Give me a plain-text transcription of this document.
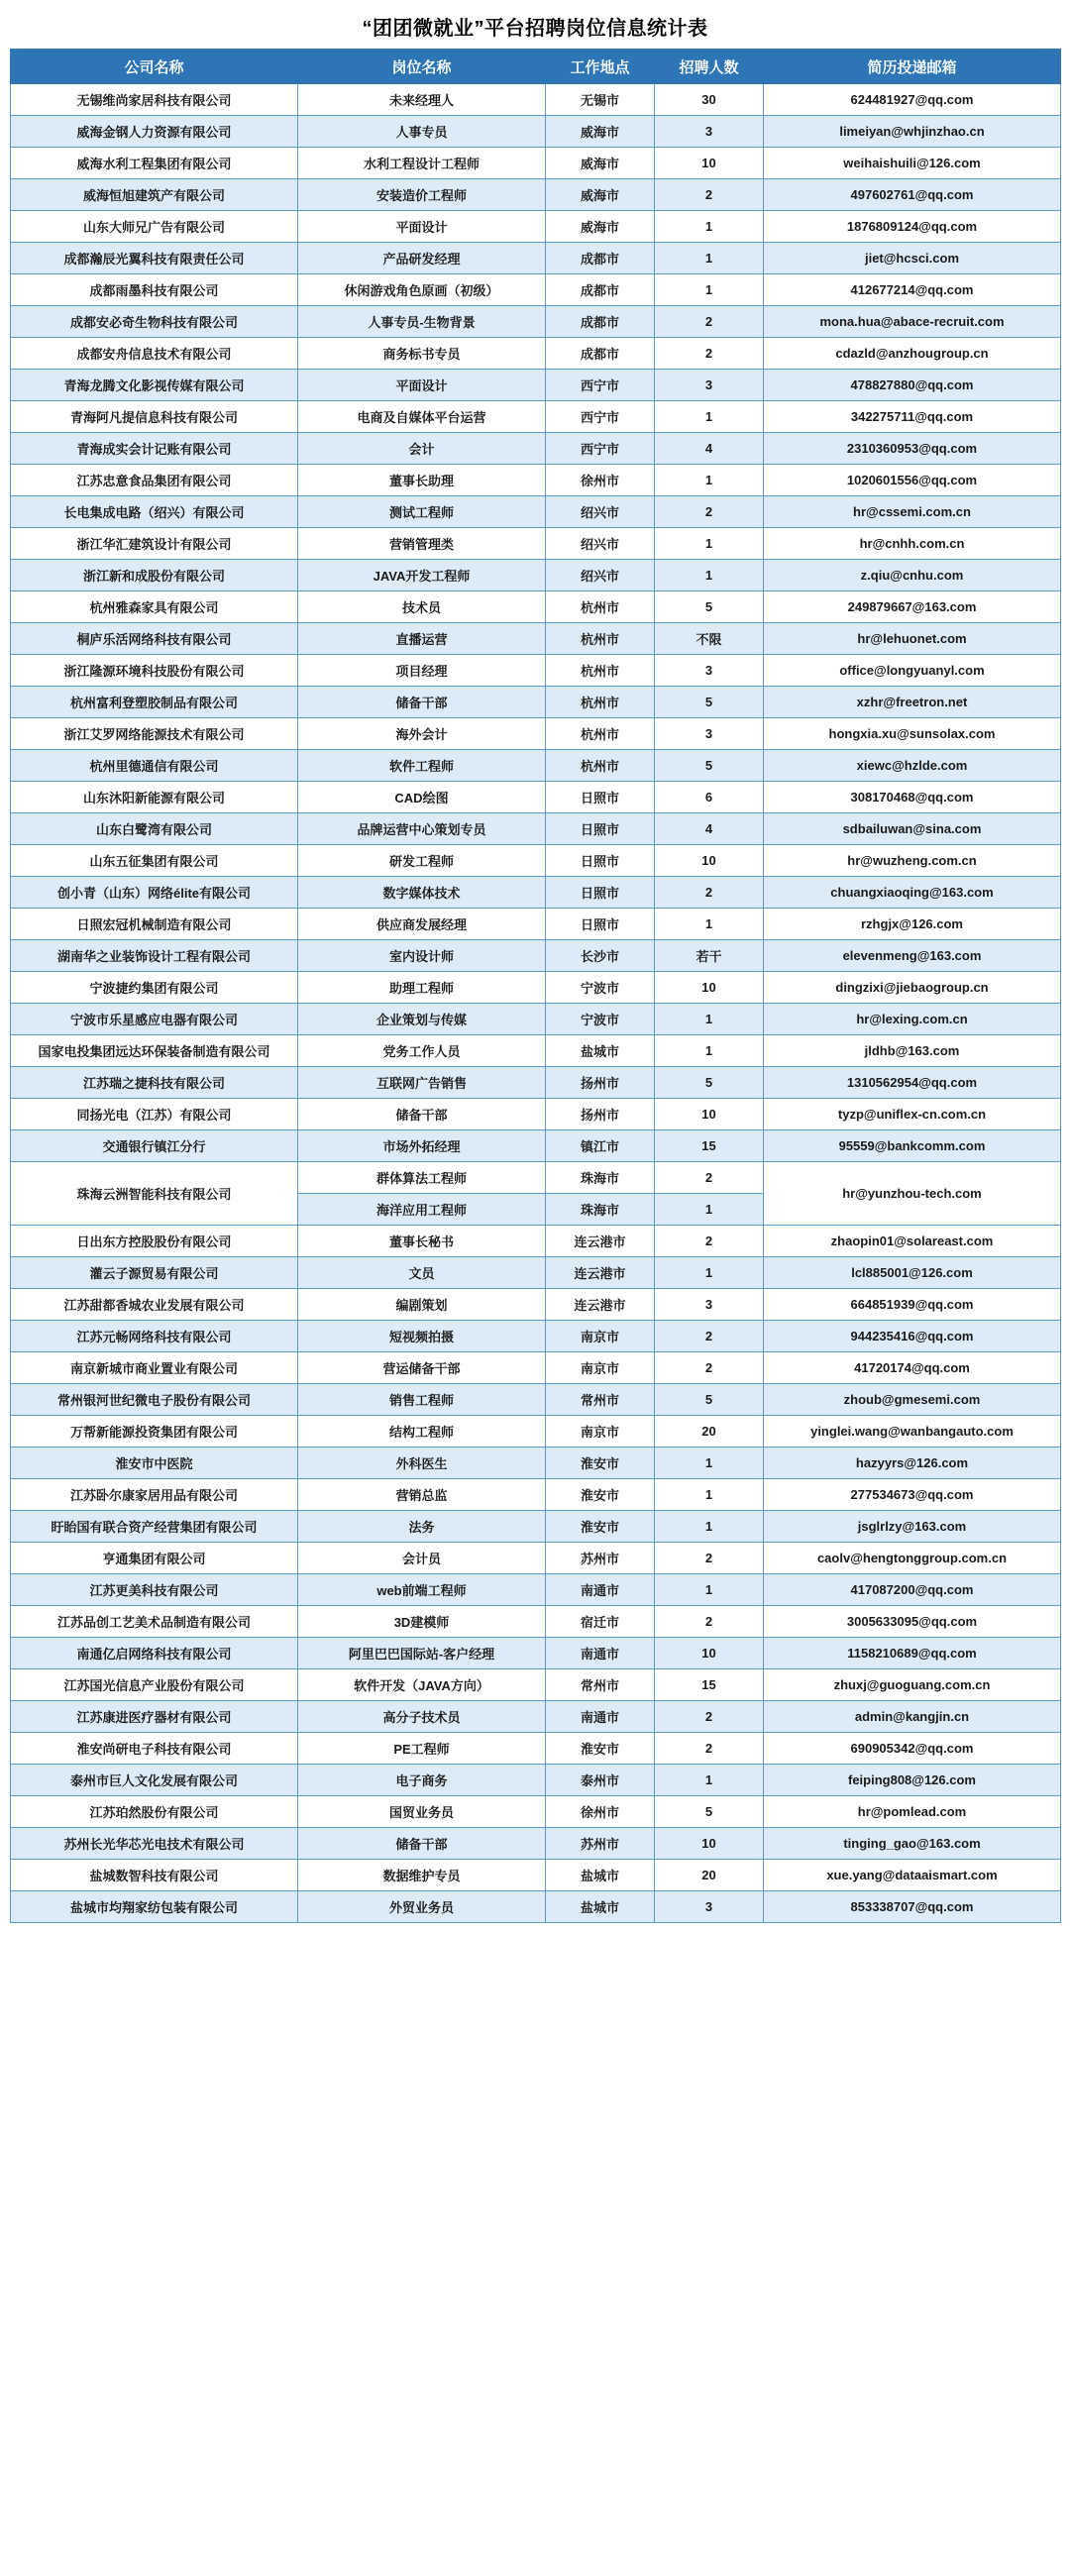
“团团微就业”平台招聘岗位信息统计表
公司名称	岗位名称	工作地点	招聘人数	简历投递邮箱
无锡维尚家居科技有限公司	未来经理人	无锡市	30	624481927@qq.com
威海金钢人力资源有限公司	人事专员	威海市	3	limeiyan@whjinzhao.cn
威海水利工程集团有限公司	水利工程设计工程师	威海市	10	weihaishuili@126.com
威海恒旭建筑产有限公司	安装造价工程师	威海市	2	497602761@qq.com
山东大师兄广告有限公司	平面设计	威海市	1	1876809124@qq.com
成都瀚辰光翼科技有限责任公司	产品研发经理	成都市	1	jiet@hcsci.com
成都雨墨科技有限公司	休闲游戏角色原画（初级）	成都市	1	412677214@qq.com
成都安必奇生物科技有限公司	人事专员-生物背景	成都市	2	mona.hua@abace-recruit.com
成都安舟信息技术有限公司	商务标书专员	成都市	2	cdazld@anzhougroup.cn
青海龙腾文化影视传媒有限公司	平面设计	西宁市	3	478827880@qq.com
青海阿凡提信息科技有限公司	电商及自媒体平台运营	西宁市	1	342275711@qq.com
青海成实会计记账有限公司	会计	西宁市	4	2310360953@qq.com
江苏忠意食品集团有限公司	董事长助理	徐州市	1	1020601556@qq.com
长电集成电路（绍兴）有限公司	测试工程师	绍兴市	2	hr@cssemi.com.cn
浙江华汇建筑设计有限公司	营销管理类	绍兴市	1	hr@cnhh.com.cn
浙江新和成股份有限公司	JAVA开发工程师	绍兴市	1	z.qiu@cnhu.com
杭州雅森家具有限公司	技术员	杭州市	5	249879667@163.com
桐庐乐活网络科技有限公司	直播运营	杭州市	不限	hr@lehuonet.com
浙江隆源环境科技股份有限公司	项目经理	杭州市	3	office@longyuanyl.com
杭州富利登塑胶制品有限公司	储备干部	杭州市	5	xzhr@freetron.net
浙江艾罗网络能源技术有限公司	海外会计	杭州市	3	hongxia.xu@sunsolax.com
杭州里德通信有限公司	软件工程师	杭州市	5	xiewc@hzlde.com
山东沐阳新能源有限公司	CAD绘图	日照市	6	308170468@qq.com
山东白鹭湾有限公司	品牌运营中心策划专员	日照市	4	sdbailuwan@sina.com
山东五征集团有限公司	研发工程师	日照市	10	hr@wuzheng.com.cn
创小青（山东）网络élite有限公司	数字媒体技术	日照市	2	chuangxiaoqing@163.com
日照宏冠机械制造有限公司	供应商发展经理	日照市	1	rzhgjx@126.com
湖南华之业装饰设计工程有限公司	室内设计师	长沙市	若干	elevenmeng@163.com
宁波捷约集团有限公司	助理工程师	宁波市	10	dingzixi@jiebaogroup.cn
宁波市乐星感应电器有限公司	企业策划与传媒	宁波市	1	hr@lexing.com.cn
国家电投集团远达环保装备制造有限公司	党务工作人员	盐城市	1	jldhb@163.com
江苏瑞之捷科技有限公司	互联网广告销售	扬州市	5	1310562954@qq.com
同扬光电（江苏）有限公司	储备干部	扬州市	10	tyzp@uniflex-cn.com.cn
交通银行镇江分行	市场外拓经理	镇江市	15	95559@bankcomm.com
珠海云洲智能科技有限公司	群体算法工程师	珠海市	2	hr@yunzhou-tech.com
	海洋应用工程师	珠海市	1	
日出东方控股股份有限公司	董事长秘书	连云港市	2	zhaopin01@solareast.com
灌云子源贸易有限公司	文员	连云港市	1	lcl885001@126.com
江苏甜都香城农业发展有限公司	编剧策划	连云港市	3	664851939@qq.com
江苏元畅网络科技有限公司	短视频拍摄	南京市	2	944235416@qq.com
南京新城市商业置业有限公司	营运储备干部	南京市	2	41720174@qq.com
常州银河世纪微电子股份有限公司	销售工程师	常州市	5	zhoub@gmesemi.com
万帮新能源投资集团有限公司	结构工程师	南京市	20	yinglei.wang@wanbangauto.com
淮安市中医院	外科医生	淮安市	1	hazyyrs@126.com
江苏卧尔康家居用品有限公司	营销总监	淮安市	1	277534673@qq.com
盱眙国有联合资产经营集团有限公司	法务	淮安市	1	jsglrlzy@163.com
亨通集团有限公司	会计员	苏州市	2	caolv@hengtonggroup.com.cn
江苏更美科技有限公司	web前端工程师	南通市	1	417087200@qq.com
江苏品创工艺美术品制造有限公司	3D建模师	宿迁市	2	3005633095@qq.com
南通亿启网络科技有限公司	阿里巴巴国际站-客户经理	南通市	10	1158210689@qq.com
江苏国光信息产业股份有限公司	软件开发（JAVA方向）	常州市	15	zhuxj@guoguang.com.cn
江苏康进医疗器材有限公司	高分子技术员	南通市	2	admin@kangjin.cn
淮安尚研电子科技有限公司	PE工程师	淮安市	2	690905342@qq.com
泰州市巨人文化发展有限公司	电子商务	泰州市	1	feiping808@126.com
江苏珀然股份有限公司	国贸业务员	徐州市	5	hr@pomlead.com
苏州长光华芯光电技术有限公司	储备干部	苏州市	10	tinging_gao@163.com
盐城数智科技有限公司	数据维护专员	盐城市	20	xue.yang@dataaismart.com
盐城市均翔家纺包装有限公司	外贸业务员	盐城市	3	853338707@qq.com
